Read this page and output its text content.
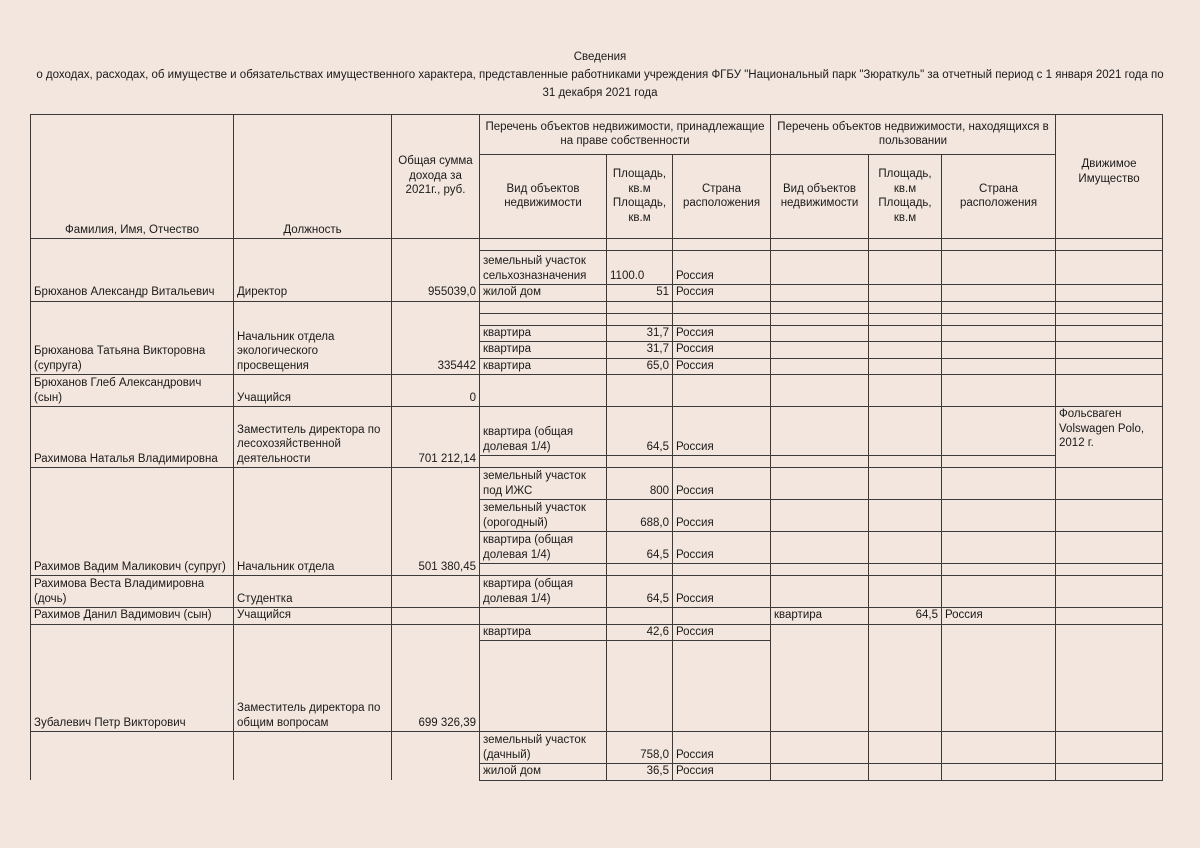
Сведения
о доходах, расходах, об имуществе и обязательствах имущественного характера, представленные работниками учреждения ФГБУ "Национальный парк "Зюраткуль" за отчетный период с 1 января 2021 года по
31 декабря 2021 года
Фамилия, Имя, Отчество	Должность	Общая сумма дохода за 2021г., руб.	Перечень объектов недвижимости, принадлежащие на праве собственности			Перечень объектов недвижимости, находящихся в пользовании			Движимое Имущество
			Вид объектов недвижимости	Площадь, кв.м Площадь, кв.м	Страна расположения	Вид объектов недвижимости	Площадь, кв.м Площадь, кв.м	Страна расположения	
Брюханов Александр Витальевич	Директор	955039,0							
			земельный участок сельхозназначения	1100.0	Россия				
			жилой дом	51	Россия				
Брюханова Татьяна Викторовна (супруга)	Начальник отдела экологического просвещения	335442							

			квартира	31,7	Россия				
			квартира	31,7	Россия				
			квартира	65,0	Россия				
Брюханов Глеб Александрович (сын)	Учащийся	0							
Рахимова Наталья Владимировна	Заместитель директора по лесохозяйственной деятельности	701 212,14	квартира (общая долевая 1/4)	64,5	Россия				Фольсваген Volswagen Polo, 2012 г.

Рахимов Вадим Маликович (супруг)	Начальник отдела	501 380,45	земельный участок под ИЖС	800	Россия				
			земельный участок (орогодный)	688,0	Россия				
			квартира (общая долевая 1/4)	64,5	Россия				

Рахимова Веста Владимировна (дочь)	Студентка		квартира (общая долевая 1/4)	64,5	Россия				
Рахимов Данил Вадимович (сын)	Учащийся					квартира	64,5	Россия	
Зубалевич Петр Викторович	Заместитель директора по общим вопросам	699 326,39	квартира	42,6	Россия				

			земельный участок (дачный)	758,0	Россия				
			жилой дом	36,5	Россия				
